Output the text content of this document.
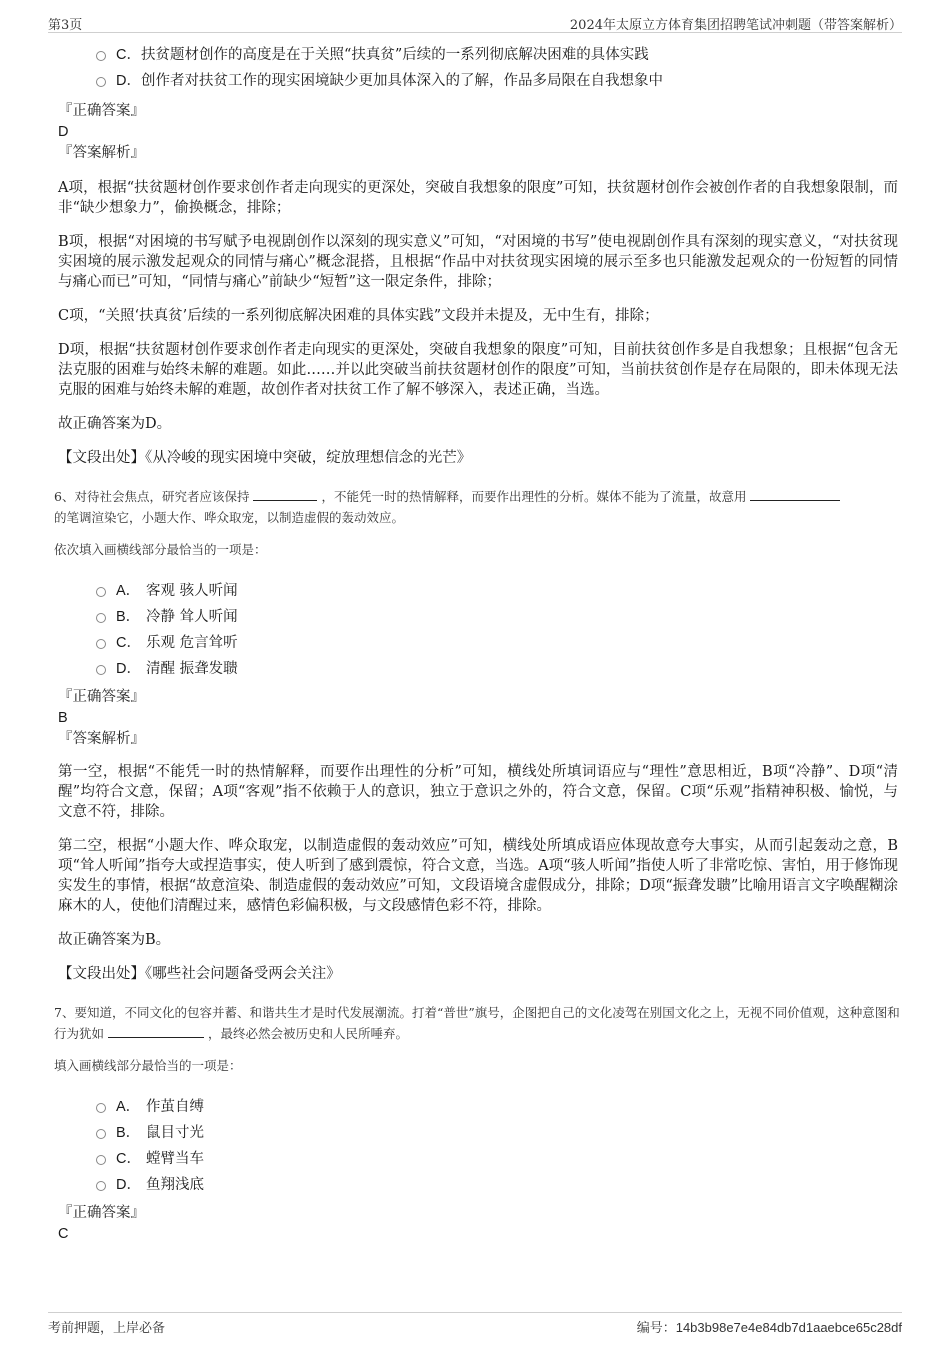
第3页	2024年太原立方体育集团招聘笔试冲刺题（带答案解析）
C．扶贫题材创作的高度是在于关照“扶真贫”后续的一系列彻底解决困难的具体实践
D．创作者对扶贫工作的现实困境缺少更加具体深入的了解，作品多局限在自我想象中
『正确答案』
D
『答案解析』

A项，根据“扶贫题材创作要求创作者走向现实的更深处，突破自我想象的限度”可知，扶贫题材创作会被创作者的自我想象限制，而非“缺少想象力”，偷换概念，排除；

B项，根据“对困境的书写赋予电视剧创作以深刻的现实意义”可知，“对困境的书写”使电视剧创作具有深刻的现实意义，“对扶贫现实困境的展示激发起观众的同情与痛心”概念混搭，且根据“作品中对扶贫现实困境的展示至多也只能激发起观众的一份短暂的同情与痛心而已”可知，“同情与痛心”前缺少“短暂”这一限定条件，排除；

C项，“关照‘扶真贫’后续的一系列彻底解决困难的具体实践”文段并未提及，无中生有，排除；

D项，根据“扶贫题材创作要求创作者走向现实的更深处，突破自我想象的限度”可知，目前扶贫创作多是自我想象；且根据“包含无法克服的困难与始终未解的难题。如此……并以此突破当前扶贫题材创作的限度”可知，当前扶贫创作是存在局限的，即未体现无法克服的困难与始终未解的难题，故创作者对扶贫工作了解不够深入，表述正确，当选。

故正确答案为D。

【文段出处】《从冷峻的现实困境中突破，绽放理想信念的光芒》

6、对待社会焦点，研究者应该保持	，不能凭一时的热情解释，而要作出理性的分析。媒体不能为了流量，故意用
的笔调渲染它，小题大作、哗众取宠，以制造虚假的轰动效应。

依次填入画横线部分最恰当的一项是：

A． 客观 骇人听闻
B． 冷静 耸人听闻
C． 乐观 危言耸听
D． 清醒 振聋发聩
『正确答案』
B
『答案解析』

第一空，根据“不能凭一时的热情解释，而要作出理性的分析”可知，横线处所填词语应与“理性”意思相近，B项“冷静”、D项“清醒”均符合文意，保留；A项“客观”指不依赖于人的意识，独立于意识之外的，符合文意，保留。C项“乐观”指精神积极、愉悦，与文意不符，排除。

第二空，根据“小题大作、哗众取宠，以制造虚假的轰动效应”可知，横线处所填成语应体现故意夸大事实，从而引起轰动之意，B项“耸人听闻”指夸大或捏造事实，使人听到了感到震惊，符合文意，当选。A项“骇人听闻”指使人听了非常吃惊、害怕，用于修饰现实发生的事情，根据“故意渲染、制造虚假的轰动效应”可知，文段语境含虚假成分，排除；D项“振聋发聩”比喻用语言文字唤醒糊涂麻木的人，使他们清醒过来，感情色彩偏积极，与文段感情色彩不符，排除。

故正确答案为B。

【文段出处】《哪些社会问题备受两会关注》

7、要知道，不同文化的包容并蓄、和谐共生才是时代发展潮流。打着“普世”旗号，企图把自己的文化凌驾在别国文化之上，无视不同价值观，这种意图和行为犹如	，最终必然会被历史和人民所唾弃。

填入画横线部分最恰当的一项是：

A． 作茧自缚
B． 鼠目寸光
C． 螳臂当车
D． 鱼翔浅底
『正确答案』
C
考前押题，上岸必备	编号：14b3b98e7e4e84db7d1aaebce65c28df
